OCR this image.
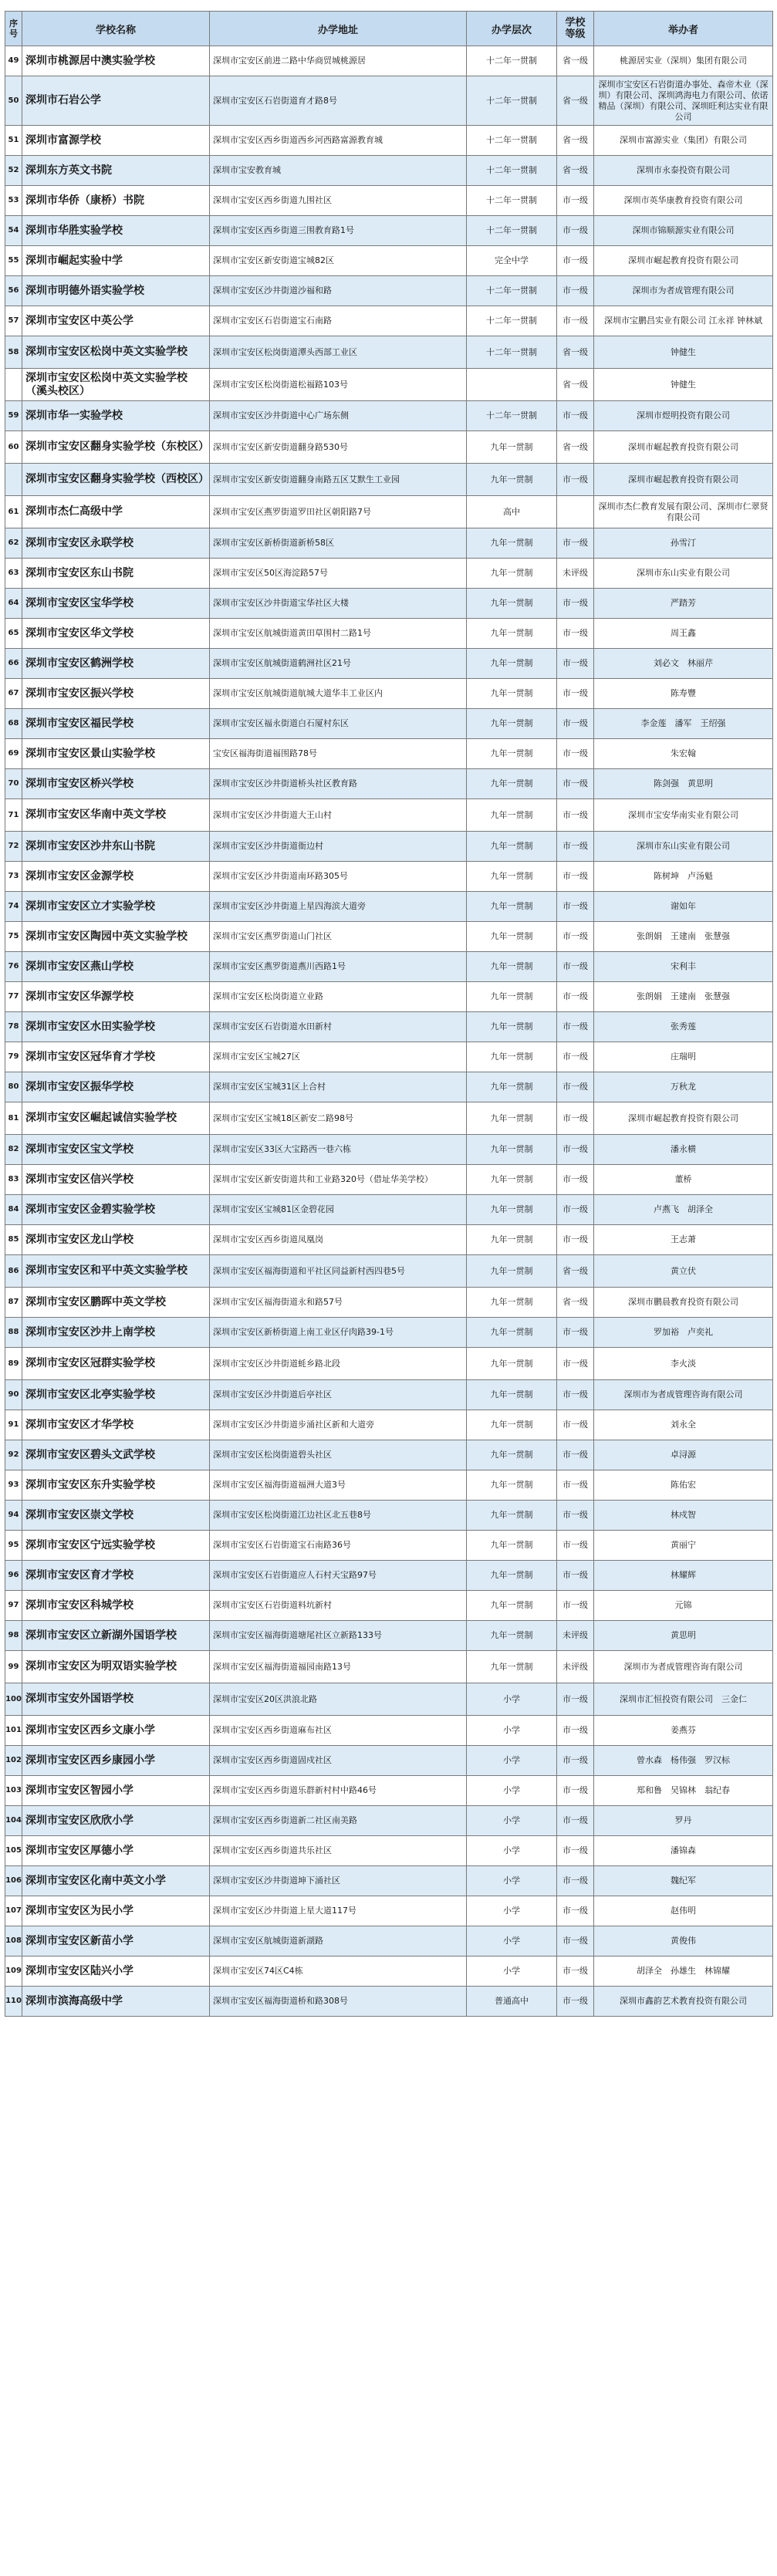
序号	学校名称	办学地址	办学层次	学校等级	举办者
49	深圳市桃源居中澳实验学校	深圳市宝安区前进二路中华商贸城桃源居	十二年一贯制	省一级	桃源居实业（深圳）集团有限公司
50	深圳市石岩公学	深圳市宝安区石岩街道育才路8号	十二年一贯制	省一级	深圳市宝安区石岩街道办事处、森帝木业（深圳）有限公司、深圳鸿海电力有限公司、依诺精品（深圳）有限公司、深圳旺利达实业有限公司
51	深圳市富源学校	深圳市宝安区西乡街道西乡河西路富源教育城	十二年一贯制	省一级	深圳市富源实业（集团）有限公司
52	深圳东方英文书院	深圳市宝安教育城	十二年一贯制	省一级	深圳市永泰投资有限公司
53	深圳市华侨（康桥）书院	深圳市宝安区西乡街道九围社区	十二年一贯制	市一级	深圳市英华康教育投资有限公司
54	深圳市华胜实验学校	深圳市宝安区西乡街道三围教育路1号	十二年一贯制	市一级	深圳市锦顺源实业有限公司
55	深圳市崛起实验中学	深圳市宝安区新安街道宝城82区	完全中学	市一级	深圳市崛起教育投资有限公司
56	深圳市明德外语实验学校	深圳市宝安区沙井街道沙福和路	十二年一贯制	市一级	深圳市为者成管理有限公司
57	深圳市宝安区中英公学	深圳市宝安区石岩街道宝石南路	十二年一贯制	市一级	深圳市宝鹏昌实业有限公司 江永祥 钟林斌
58	深圳市宝安区松岗中英文实验学校	深圳市宝安区松岗街道潭头西部工业区	十二年一贯制	省一级	钟健生
	深圳市宝安区松岗中英文实验学校（溪头校区）	深圳市宝安区松岗街道松福路103号		省一级	钟健生
59	深圳市华一实验学校	深圳市宝安区沙井街道中心广场东侧	十二年一贯制	市一级	深圳市煜明投资有限公司
60	深圳市宝安区翻身实验学校（东校区）	深圳市宝安区新安街道翻身路530号	九年一贯制	省一级	深圳市崛起教育投资有限公司
	深圳市宝安区翻身实验学校（西校区）	深圳市宝安区新安街道翻身南路五区艾默生工业园	九年一贯制	市一级	深圳市崛起教育投资有限公司
61	深圳市杰仁高级中学	深圳市宝安区燕罗街道罗田社区朝阳路7号	高中		深圳市杰仁教育发展有限公司、深圳市仁翠贤有限公司
62	深圳市宝安区永联学校	深圳市宝安区新桥街道新桥58区	九年一贯制	市一级	孙雪汀
63	深圳市宝安区东山书院	深圳市宝安区50区海淀路57号	九年一贯制	未评级	深圳市东山实业有限公司
64	深圳市宝安区宝华学校	深圳市宝安区沙井街道宝华社区大楼	九年一贯制	市一级	严踏芳
65	深圳市宝安区华文学校	深圳市宝安区航城街道黄田草围村二路1号	九年一贯制	市一级	周王鑫
66	深圳市宝安区鹤洲学校	深圳市宝安区航城街道鹤洲社区21号	九年一贯制	市一级	刘必文　林丽芹
67	深圳市宝安区振兴学校	深圳市宝安区航城街道航城大道华丰工业区内	九年一贯制	市一级	陈寿豐
68	深圳市宝安区福民学校	深圳市宝安区福永街道白石厦村东区	九年一贯制	市一级	李金莲　潘军　王绍强
69	深圳市宝安区景山实验学校	宝安区福海街道福围路78号	九年一贯制	市一级	朱宏翰
70	深圳市宝安区桥兴学校	深圳市宝安区沙井街道桥头社区教育路	九年一贯制	市一级	陈剑强　黄思明
71	深圳市宝安区华南中英文学校	深圳市宝安区沙井街道大王山村	九年一贯制	市一级	深圳市宝安华南实业有限公司
72	深圳市宝安区沙井东山书院	深圳市宝安区沙井街道衙边村	九年一贯制	市一级	深圳市东山实业有限公司
73	深圳市宝安区金源学校	深圳市宝安区沙井街道南环路305号	九年一贯制	市一级	陈树坤　卢汤魁
74	深圳市宝安区立才实验学校	深圳市宝安区沙井街道上星四海滨大道旁	九年一贯制	市一级	谢如年
75	深圳市宝安区陶园中英文实验学校	深圳市宝安区燕罗街道山门社区	九年一贯制	市一级	张朗娟　王建南　张慧强
76	深圳市宝安区燕山学校	深圳市宝安区燕罗街道燕川西路1号	九年一贯制	市一级	宋利丰
77	深圳市宝安区华源学校	深圳市宝安区松岗街道立业路	九年一贯制	市一级	张朗娟　王建南　张慧强
78	深圳市宝安区水田实验学校	深圳市宝安区石岩街道水田新村	九年一贯制	市一级	张秀莲
79	深圳市宝安区冠华育才学校	深圳市宝安区宝城27区	九年一贯制	市一级	庄瑞明
80	深圳市宝安区振华学校	深圳市宝安区宝城31区上合村	九年一贯制	市一级	万秋龙
81	深圳市宝安区崛起诚信实验学校	深圳市宝安区宝城18区新安二路98号	九年一贯制	市一级	深圳市崛起教育投资有限公司
82	深圳市宝安区宝文学校	深圳市宝安区33区大宝路西一巷六栋	九年一贯制	市一级	潘永横
83	深圳市宝安区信兴学校	深圳市宝安区新安街道共和工业路320号（借址华美学校）	九年一贯制	市一级	董桥
84	深圳市宝安区金碧实验学校	深圳市宝安区宝城81区金碧花园	九年一贯制	市一级	卢燕飞　胡泽全
85	深圳市宝安区龙山学校	深圳市宝安区西乡街道凤凰岗	九年一贯制	市一级	王志萧
86	深圳市宝安区和平中英文实验学校	深圳市宝安区福海街道和平社区同益新村西四巷5号	九年一贯制	省一级	黄立伏
87	深圳市宝安区鹏晖中英文学校	深圳市宝安区福海街道永和路57号	九年一贯制	省一级	深圳市鹏晨教育投资有限公司
88	深圳市宝安区沙井上南学校	深圳市宝安区新桥街道上南工业区仔肉路39-1号	九年一贯制	市一级	罗加裕　卢奕礼
89	深圳市宝安区冠群实验学校	深圳市宝安区沙井街道蚝乡路北段	九年一贯制	市一级	李火淡
90	深圳市宝安区北亭实验学校	深圳市宝安区沙井街道后亭社区	九年一贯制	市一级	深圳市为者成管理咨询有限公司
91	深圳市宝安区才华学校	深圳市宝安区沙井街道步涌社区新和大道旁	九年一贯制	市一级	刘永全
92	深圳市宝安区碧头文武学校	深圳市宝安区松岗街道碧头社区	九年一贯制	市一级	卓浔源
93	深圳市宝安区东升实验学校	深圳市宝安区福海街道福洲大道3号	九年一贯制	市一级	陈佑宏
94	深圳市宝安区崇文学校	深圳市宝安区松岗街道江边社区北五巷8号	九年一贯制	市一级	林戍智
95	深圳市宝安区宁远实验学校	深圳市宝安区石岩街道宝石南路36号	九年一贯制	市一级	黄丽宁
96	深圳市宝安区育才学校	深圳市宝安区石岩街道应人石村天宝路97号	九年一贯制	市一级	林耀辉
97	深圳市宝安区科城学校	深圳市宝安区石岩街道料坑新村	九年一贯制	市一级	元锦
98	深圳市宝安区立新湖外国语学校	深圳市宝安区福海街道塘尾社区立新路133号	九年一贯制	未评级	黄思明
99	深圳市宝安区为明双语实验学校	深圳市宝安区福海街道福园南路13号	九年一贯制	未评级	深圳市为者成管理咨询有限公司
100	深圳市宝安外国语学校	深圳市宝安区20区洪浪北路	小学	市一级	深圳市汇恒投资有限公司　三金仁
101	深圳市宝安区西乡文康小学	深圳市宝安区西乡街道麻布社区	小学	市一级	姜燕芬
102	深圳市宝安区西乡康园小学	深圳市宝安区西乡街道固戍社区	小学	市一级	曾水森　杨伟强　罗汉标
103	深圳市宝安区智园小学	深圳市宝安区西乡街道乐群新村村中路46号	小学	市一级	郑和鲁　吴锦林　翁纪春
104	深圳市宝安区欣欣小学	深圳市宝安区西乡街道新二社区南美路	小学	市一级	罗丹
105	深圳市宝安区厚德小学	深圳市宝安区西乡街道共乐社区	小学	市一级	潘锦森
106	深圳市宝安区化南中英文小学	深圳市宝安区沙井街道坤下涌社区	小学	市一级	魏纪军
107	深圳市宝安区为民小学	深圳市宝安区沙井街道上星大道117号	小学	市一级	赵伟明
108	深圳市宝安区新苗小学	深圳市宝安区航城街道新湖路	小学	市一级	黄俊伟
109	深圳市宝安区陆兴小学	深圳市宝安区74区C4栋	小学	市一级	胡泽全　孙雄生　林锦耀
110	深圳市滨海高级中学	深圳市宝安区福海街道桥和路308号	普通高中	市一级	深圳市鑫韵艺术教育投资有限公司
